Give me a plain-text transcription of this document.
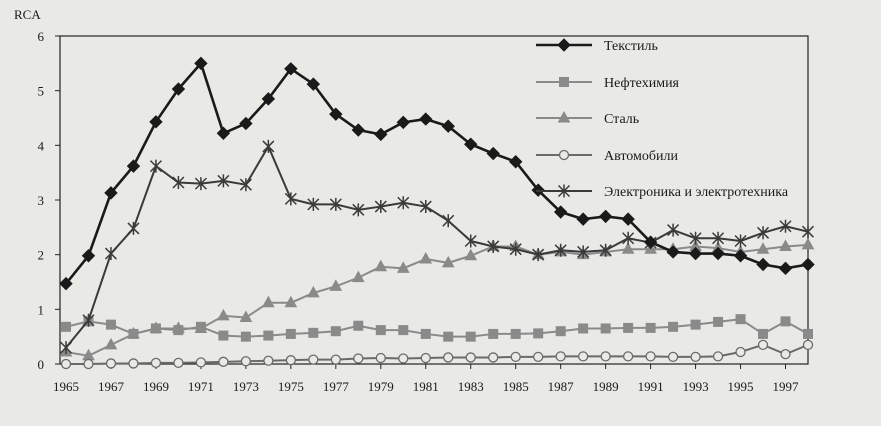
RCA
0
1
2
3
4
5
6
1965 1967 1969 1971 1973 1975 1977 1979 1981 1983 1985 1987 1989 1991 1993 1995 1997
Текстиль
Нефтехимия
Сталь
Автомобили
Электроника и электротехника
